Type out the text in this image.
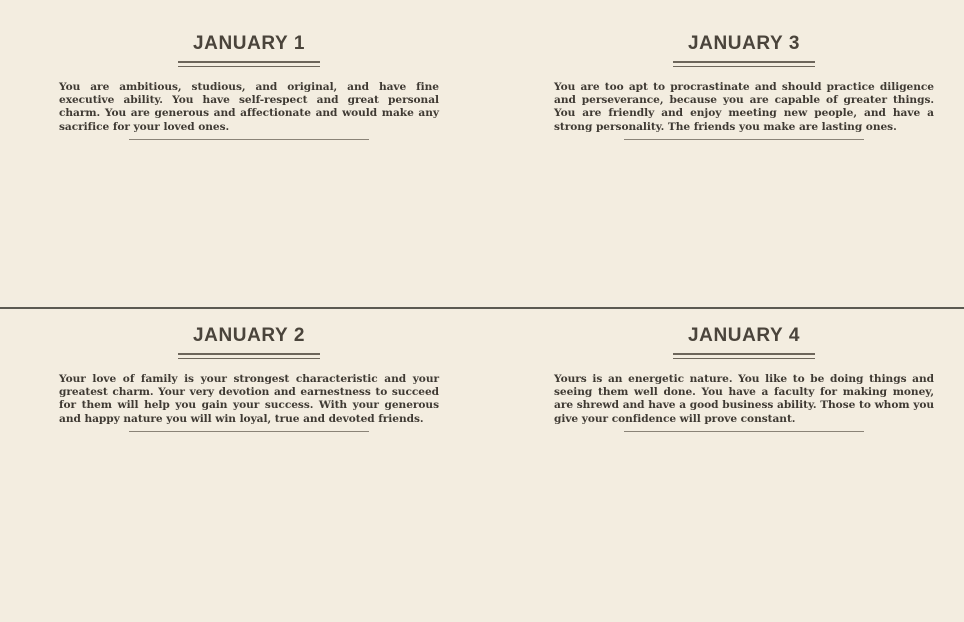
JANUARY 1

You are ambitious, studious, and original, and have fine executive ability. You have self-respect and great personal charm. You are generous and affectionate and would make any sacrifice for your loved ones.

JANUARY 3

You are too apt to procrastinate and should practice diligence and perseverance, because you are capable of greater things. You are friendly and enjoy meeting new people, and have a strong personality. The friends you make are lasting ones.

JANUARY 2

Your love of family is your strongest characteristic and your greatest charm. Your very devotion and earnestness to succeed for them will help you gain your success. With your generous and happy nature you will win loyal, true and devoted friends.

JANUARY 4

Yours is an energetic nature. You like to be doing things and seeing them well done. You have a faculty for making money, are shrewd and have a good business ability. Those to whom you give your confidence will prove constant.
